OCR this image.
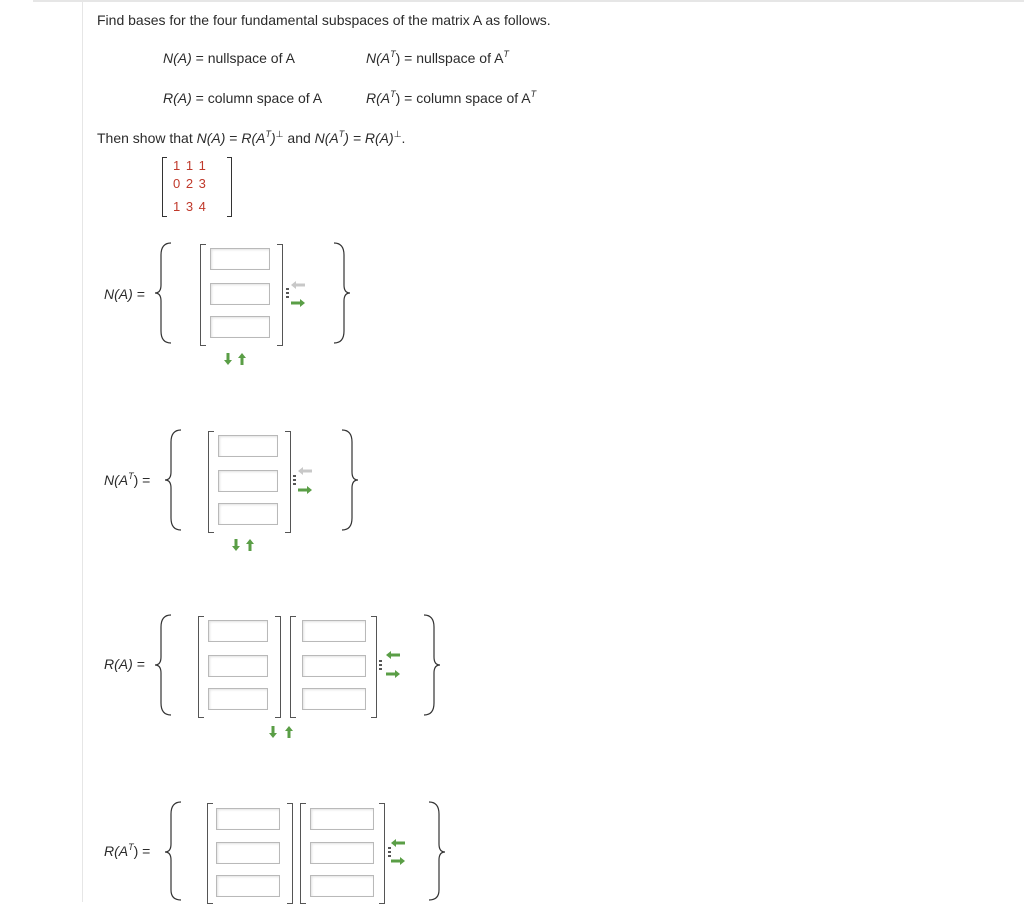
Find bases for the four fundamental subspaces of the matrix A as follows.
N(A) = nullspace of A	$N(A^T)$ = nullspace of $A^T$
R(A) = column space of A	$R(A^T)$ = column space of $A^T$
Then show that $N(A) = R(A^T)^\perp$ and $N(A^T) = R(A)^\perp$.
1 1 1
0 2 3
1 3 4
N(A) =
$N(A^T)$ =
R(A) =
$R(A^T)$ =
